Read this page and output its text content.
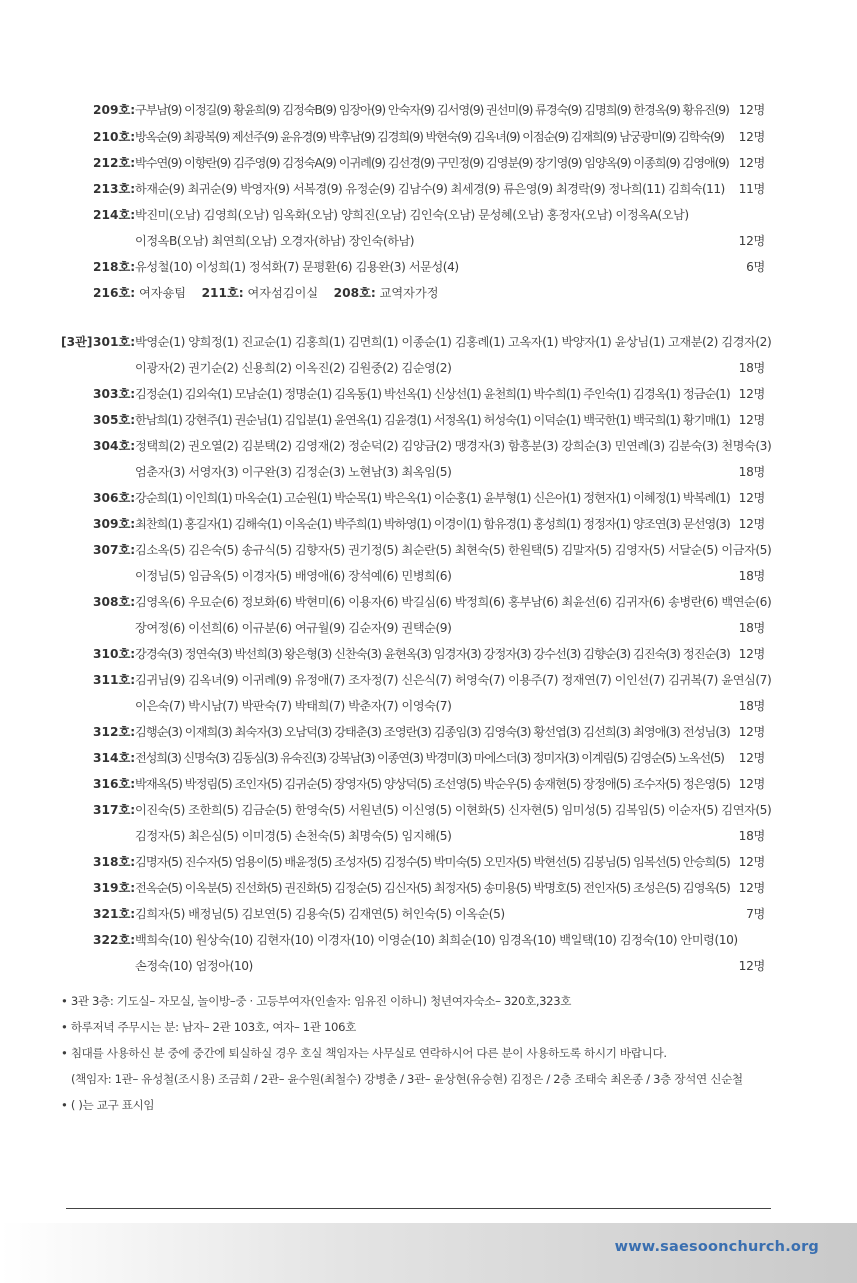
209호: 구부남(9) 이정길(9) 황윤희(9) 김정숙B(9) 임장아(9) 안숙자(9) 김서영(9) 권선미(9) 류경숙(9) 김명희(9) 한경옥(9) 황유진(9) 12명
210호: 방옥순(9) 최광복(9) 제선주(9) 윤유경(9) 박후남(9) 김경희(9) 박현숙(9) 김옥녀(9) 이점순(9) 김재희(9) 남궁광미(9) 김학숙(9) 12명
212호: 박수연(9) 이향란(9) 김주영(9) 김정숙A(9) 이귀례(9) 김선경(9) 구민정(9) 김영분(9) 장기영(9) 임양옥(9) 이종희(9) 김영애(9) 12명
213호: 하재순(9) 최귀순(9) 박영자(9) 서복경(9) 유정순(9) 김남수(9) 최세경(9) 류은영(9) 최경락(9) 정나희(11) 김희숙(11) 11명
214호: 박진미(오남) 김영희(오남) 임옥화(오남) 양희진(오남) 김인숙(오남) 문성혜(오남) 홍정자(오남) 이정옥A(오남)
이정옥B(오남) 최연희(오남) 오경자(하남) 장인숙(하남)	12명
218호: 유성철(10) 이성희(1) 정석화(7) 문평환(6) 김용완(3) 서문성(4)	6명
216호: 여자숑팀 211호: 여자섬김이실 208호: 교역자가정
[3관] 301호: 박영순(1) 양희정(1) 진교순(1) 김홍희(1) 김면희(1) 이종순(1) 김홍례(1) 고옥자(1) 박양자(1) 윤상님(1) 고재분(2) 김경자(2)
이광자(2) 권기순(2) 신용희(2) 이옥진(2) 김원중(2) 김순영(2)	18명
303호: 김정순(1) 김외숙(1) 모남순(1) 정명순(1) 김옥동(1) 박선옥(1) 신상선(1) 윤천희(1) 박수희(1) 주인숙(1) 김경옥(1) 정금순(1) 12명
305호: 한남희(1) 강현주(1) 권순님(1) 김입분(1) 윤연옥(1) 김윤경(1) 서정옥(1) 허성숙(1) 이덕순(1) 백국한(1) 백국희(1) 황기매(1) 12명
304호: 정택희(2) 권오열(2) 김분택(2) 김영재(2) 정순덕(2) 김양금(2) 맹경자(3) 함흥분(3) 강희순(3) 민연례(3) 김분숙(3) 천명숙(3)
엄춘자(3) 서영자(3) 이구완(3) 김정순(3) 노현남(3) 최옥임(5)	18명
306호: 강순희(1) 이인희(1) 마옥순(1) 고순원(1) 박순목(1) 박은옥(1) 이순홍(1) 윤부형(1) 신은아(1) 정현자(1) 이혜정(1) 박복례(1) 12명
309호: 최찬희(1) 홍길자(1) 김해숙(1) 이옥순(1) 박주희(1) 박하영(1) 이경이(1) 함유경(1) 홍성희(1) 정정자(1) 양조연(3) 문선영(3) 12명
307호: 김소옥(5) 김은숙(5) 송규식(5) 김향자(5) 권기정(5) 최순란(5) 최현숙(5) 한원택(5) 김말자(5) 김영자(5) 서달순(5) 이금자(5)
이정님(5) 임금옥(5) 이경자(5) 배영애(6) 장석예(6) 민병희(6)	18명
308호: 김영옥(6) 우묘순(6) 정보화(6) 박현미(6) 이용자(6) 박길심(6) 박정희(6) 홍부남(6) 최윤선(6) 김귀자(6) 송병란(6) 백연순(6)
장여정(6) 이선희(6) 이규분(6) 여규월(9) 김순자(9) 권택순(9)	18명
310호: 강경숙(3) 정연숙(3) 박선희(3) 왕은형(3) 신찬숙(3) 윤현옥(3) 임경자(3) 강정자(3) 강수선(3) 김향순(3) 김진숙(3) 정진순(3) 12명
311호: 김귀님(9) 김옥녀(9) 이귀례(9) 유정애(7) 조자정(7) 신은식(7) 허영숙(7) 이용주(7) 정재연(7) 이인선(7) 김귀복(7) 윤연심(7)
이은숙(7) 박시남(7) 박판숙(7) 박태희(7) 박춘자(7) 이영숙(7)	18명
312호: 김행순(3) 이재희(3) 최숙자(3) 오남덕(3) 강태춘(3) 조영란(3) 김종임(3) 김영숙(3) 황선엽(3) 김선희(3) 최영애(3) 전성님(3) 12명
314호: 전성희(3) 신명숙(3) 김동심(3) 유숙진(3) 강복남(3) 이종연(3) 박경미(3) 마에스더(3) 정미자(3) 이계림(5) 김영순(5) 노옥선(5) 12명
316호: 박재옥(5) 박정림(5) 조인자(5) 김귀순(5) 장영자(5) 양상덕(5) 조선영(5) 박순우(5) 송재현(5) 장정애(5) 조수자(5) 정은영(5) 12명
317호: 이진숙(5) 조한희(5) 김금순(5) 한영숙(5) 서원년(5) 이신영(5) 이현화(5) 신자현(5) 임미성(5) 김복임(5) 이순자(5) 김연자(5)
김정자(5) 최은심(5) 이미경(5) 손천숙(5) 최명숙(5) 임지해(5)	18명
318호: 김명자(5) 진수자(5) 엄용이(5) 배윤정(5) 조성자(5) 김정수(5) 박미숙(5) 오민자(5) 박현선(5) 김봉님(5) 임복선(5) 안승희(5) 12명
319호: 전옥순(5) 이옥분(5) 진선화(5) 권진화(5) 김정순(5) 김신자(5) 최정자(5) 송미용(5) 박명호(5) 전인자(5) 조성은(5) 김영옥(5) 12명
321호: 김희자(5) 배정님(5) 김보연(5) 김용숙(5) 김재연(5) 허인숙(5) 이옥순(5)	7명
322호: 백희숙(10) 원상숙(10) 김현자(10) 이경자(10) 이영순(10) 최희순(10) 임경옥(10) 백일택(10) 김정숙(10) 안미령(10)
손정숙(10) 엄정아(10)	12명
• 3관 3층: 기도실– 자모실, 놀이방–중 · 고등부여자(인솔자: 임유진 이하니) 청년여자숙소– 320호,323호
• 하루저녁 주무시는 분: 남자– 2관 103호, 여자– 1관 106호
• 침대를 사용하신 분 중에 중간에 퇴실하실 경우 호실 책임자는 사무실로 연락하시어 다른 분이 사용하도록 하시기 바랍니다.
(책임자: 1관– 유성철(조시용) 조금희 / 2관– 윤수원(최철수) 강병춘 / 3관– 윤상현(유승현) 김정은 / 2층 조태숙 최온종 / 3층 장석연 신순철
• ( )는 교구 표시임
www.saesoonchurch.org
